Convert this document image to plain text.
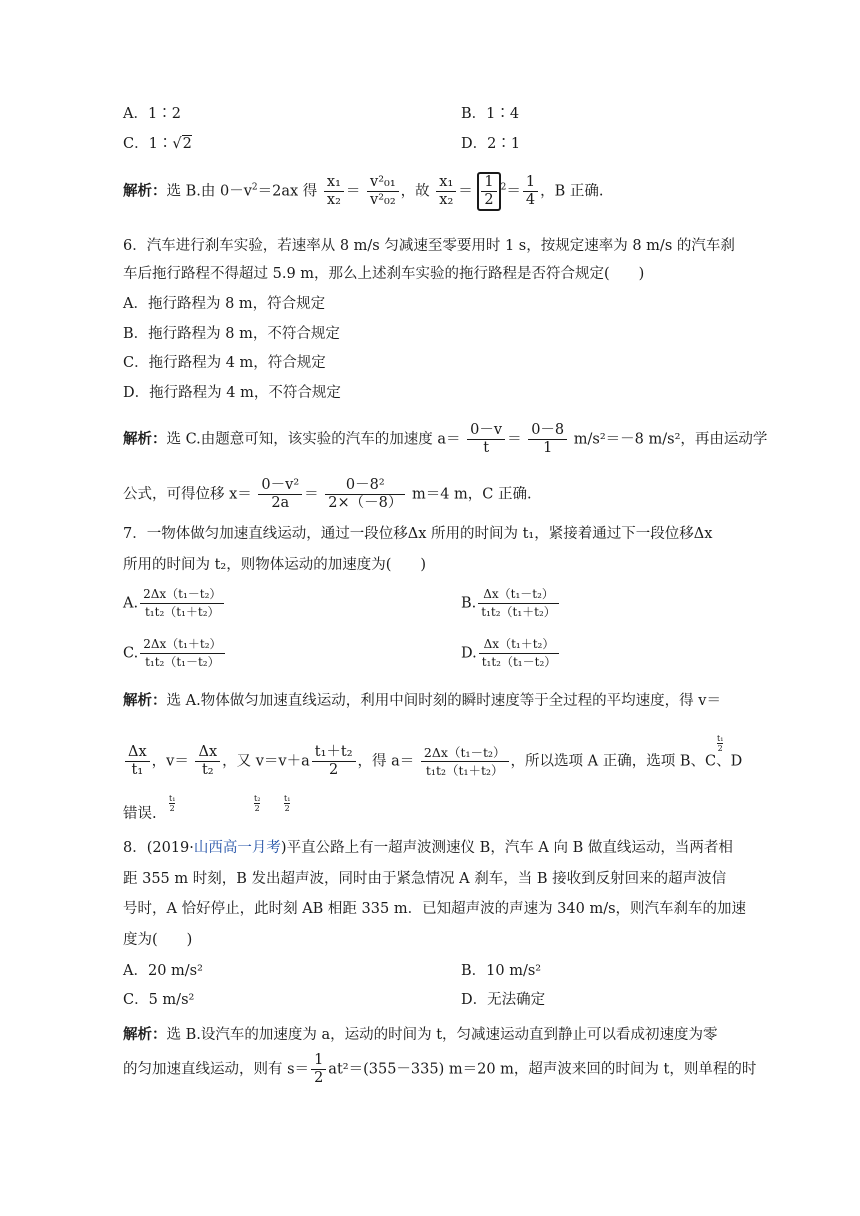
A．1∶2	B．1∶4
C．1∶√2	D．2∶1
解析：选 B.由 $0-v^2=2ax$ 得 $\frac{\text{x₁}}{\text{x₂}} = \frac{\text{v²₀₁}}{\text{v²₀₂}}$ ，故 $\frac{\text{x₁}}{\text{x₂}} = \frac{1}{2} ^2= \frac{1}{4}$ ，B 正确.
6．汽车进行刹车实验，若速率从 8 m/s 匀减速至零要用时 1 s，按规定速率为 8 m/s 的汽车刹
车后拖行路程不得超过 5.9 m，那么上述刹车实验的拖行路程是否符合规定(　　)
A．拖行路程为 8 m，符合规定
B．拖行路程为 8 m，不符合规定
C．拖行路程为 4 m，符合规定
D．拖行路程为 4 m，不符合规定
解析：选 C.由题意可知，该实验的汽车的加速度 $a= \frac{0-v}{t} = \frac{0-8}{1} m/s^2=-8$ m/s²，再由运动学
公式，可得位移 $x= \frac{\text{0－v²}}{2a} = \frac{\text{0－8²}}{2\times(-8)} m=4$ m，C 正确.
7．一物体做匀加速直线运动，通过一段位移Δx 所用的时间为 t₁，紧接着通过下一段位移Δx
所用的时间为 t₂，则物体运动的加速度为(　　)
A. $\frac{\text{2Δx（t₁－t₂）}}{\text{t₁t₂（t₁＋t₂）}}$	B. $\frac{\text{Δx（t₁－t₂）}}{\text{t₁t₂（t₁＋t₂）}}$
C. $\frac{\text{2Δx（t₁＋t₂）}}{\text{t₁t₂（t₁－t₂）}}$	D. $\frac{\text{Δx（t₁＋t₂）}}{\text{t₁t₂（t₁－t₂）}}$
解析：选 A.物体做匀加速直线运动，利用中间时刻的瞬时速度等于全过程的平均速度，得 v＝
$\frac{\Delta x}{\text{t₁}}$ ，$v= \frac{\Delta x}{\text{t₂}}$ ，又 $v=v+a \frac{\text{t₁＋t₂}}{2}$ ，得 $a= \frac{\text{2Δx（t₁－t₂）}}{\text{t₁t₂（t₁＋t₂）}}$ ，所以选项 A 正确，选项 B、C、D
错误.
$\frac{\text{t₁}}{2}$
$\frac{\text{t₁}}{2}$	$\frac{\text{t₂}}{2}$	$\frac{\text{t₁}}{2}$
8．(2019·山西高一月考)平直公路上有一超声波测速仪 B，汽车 A 向 B 做直线运动，当两者相
距 355 m 时刻，B 发出超声波，同时由于紧急情况 A 刹车，当 B 接收到反射回来的超声波信
号时，A 恰好停止，此时刻 AB 相距 335 m．已知超声波的声速为 340 m/s，则汽车刹车的加速
度为(　　)
A．20 m/s²	B．10 m/s²
C．5 m/s²	D．无法确定
解析：选 B.设汽车的加速度为 a，运动的时间为 t，匀减速运动直到静止可以看成初速度为零
的匀加速直线运动，则有 $s= \frac{1}{2} at^2=(355-335)$ m＝20 m，超声波来回的时间为 t，则单程的时
